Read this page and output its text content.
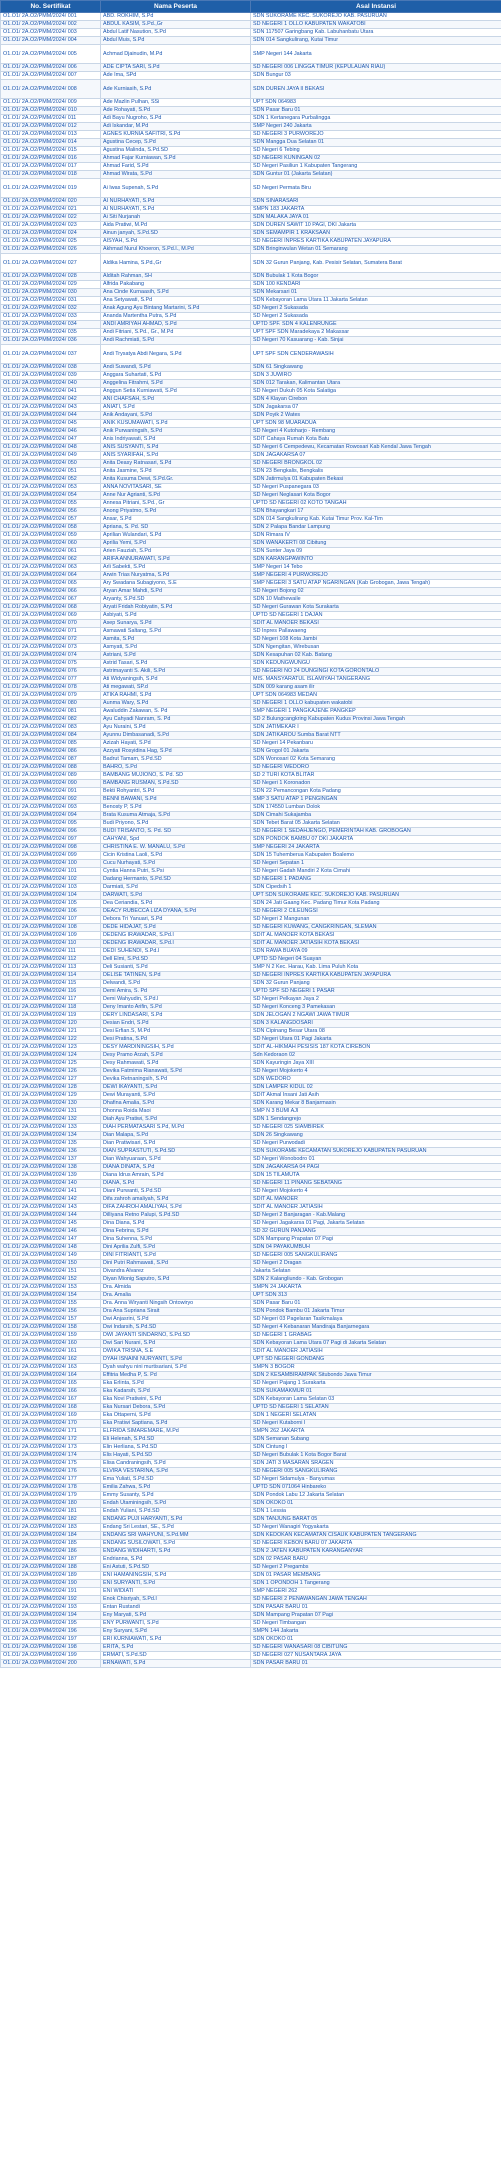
No. Sertifikat	Nama Peserta	Asal Instansi
O1.O1/ 2A.O2/PMM/2024/ 001	ABD. ROKHIM, S.Pd	SDN SUKORAME KEC. SUKOREJO KAB. PASURUAN
O1.O1/ 2A.O2/PMM/2024/ 002	ABDUL KASIM, S.Pd.,Gr	SD NEGERI 1 OLLO KABUPATEN WAKATOBI
O1.O1/ 2A.O2/PMM/2024/ 003	Abdul Latif Nasution, S.Pd	SDN 117507 Garingbang Kab. Labuhanbatu Utara
O1.O1/ 2A.O2/PMM/2024/ 004	Abdul Muis, S.Pd	SDN 014 Sangkulirang, Kutai Timur
O1.O1/ 2A.O2/PMM/2024/ 005	Achmad Djainudin, M.Pd	SMP Negeri 144 Jakarta
O1.O1/ 2A.O2/PMM/2024/ 006	ADE CIPTA SARI, S.Pd	SD NEGERI 006 LINGGA TIMUR (KEPULAUAN RIAU)
O1.O1/ 2A.O2/PMM/2024/ 007	Ade Ima, SPd	SDN Bungur 03
O1.O1/ 2A.O2/PMM/2024/ 008	Ade Kurniasih, S.Pd	SDN DUREN JAYA II BEKASI
O1.O1/ 2A.O2/PMM/2024/ 009	Ade Mazlin Pulhan, SSi	UPT SDN 064983
O1.O1/ 2A.O2/PMM/2024/ 010	Ade Rohayati, S.Pd	SDN Pasar Baru 01
O1.O1/ 2A.O2/PMM/2024/ 011	Adi Bayu Nugroho, S.Pd	SDN 1 Kertanegara Purbalingga
O1.O1/ 2A.O2/PMM/2024/ 012	Adi Iskandar, M.Pd	SMP Negeri 240 Jakarta
O1.O1/ 2A.O2/PMM/2024/ 013	AGNES KURNIA SAFITRI, S.Pd	SD NEGERI 3 PURWOREJO
O1.O1/ 2A.O2/PMM/2024/ 014	Agustina Cecep, S.Pd	SDN Mangga Dua Selatan 01
O1.O1/ 2A.O2/PMM/2024/ 015	Agustina Malinda, S.Pd.SD	SD Negeri 6 Tebing
O1.O1/ 2A.O2/PMM/2024/ 016	Ahmad Fajar Kurniawan, S.Pd	SD NEGERI KUNINGAN 02
O1.O1/ 2A.O2/PMM/2024/ 017	Ahmad Farid, S.Pd	SD Negeri Pasiliun 1 Kabupaten Tangerang
O1.O1/ 2A.O2/PMM/2024/ 018	Ahmad Wirata, S.Pd	SDN Guntur 01 (Jakarta Selatan)
O1.O1/ 2A.O2/PMM/2024/ 019	Ai Iwas Supenah, S.Pd	SD Negeri Permata Biru
O1.O1/ 2A.O2/PMM/2024/ 020	AI NURHAYATI, S.Pd	SDN SINARASARI
O1.O1/ 2A.O2/PMM/2024/ 021	AI NURHAYATI, S.Pd	SMPN 183 JAKARTA
O1.O1/ 2A.O2/PMM/2024/ 022	Ai Siti Nurjanah	SDN MALAKA JAYA 01
O1.O1/ 2A.O2/PMM/2024/ 023	Aida Pratiwi, M.Pd	SDN DUREN SAWIT 10 PAGI, DKI Jakarta
O1.O1/ 2A.O2/PMM/2024/ 024	Ainun janyah, S.Pd.SD	SDN SEMAMPIR 1 KRAKSAAN
O1.O1/ 2A.O2/PMM/2024/ 025	AISYAH, S.Pd	SD NEGERI INPRES KARTIKA KABUPATEN JAYAPURA
O1.O1/ 2A.O2/PMM/2024/ 026	Akhmad Nurul Khoeron, S.Pd.I., M.Pd	SDN Bringinwulan Wetan 01 Semarang
O1.O1/ 2A.O2/PMM/2024/ 027	Aldika Hamina, S.Pd.,Gr	SDN 32 Gurun Panjang, Kab. Pesisir Selatan, Sumatera Barat
O1.O1/ 2A.O2/PMM/2024/ 028	Alditah Rahman, SH	SDN Bubulak 1 Kota Bogor
O1.O1/ 2A.O2/PMM/2024/ 029	Alfrida Pakabang	SDN 100 KENDARI
O1.O1/ 2A.O2/PMM/2024/ 030	Ana Cinde Kurnaasih, S.Pd	SDN Mekarsari 01
O1.O1/ 2A.O2/PMM/2024/ 031	Ana Setyawati, S.Pd	SDN Kebayoran Lama Utara 11 Jakarta Selatan
O1.O1/ 2A.O2/PMM/2024/ 032	Anak Agung Ayu Bintang Martarini, S.Pd	SD Negeri 2 Sukasada
O1.O1/ 2A.O2/PMM/2024/ 033	Ananda Martentha Putra, S.Pd	SD Negeri 2 Sukasada
O1.O1/ 2A.O2/PMM/2024/ 034	ANDI AMRIYAH AHMAD, S.Pd	UPTD SPF. SDN 4 KALENRUNGE
O1.O1/ 2A.O2/PMM/2024/ 035	Andi Fitriani, S.Pd., Gr., M.Pd	UPT SPF SDN Maradekaya 2 Makassar
O1.O1/ 2A.O2/PMM/2024/ 036	Andi Rachmiati, S.Pd	SD Negeri 70 Kasuarang - Kab. Sinjai
O1.O1/ 2A.O2/PMM/2024/ 037	Andi Trysatya Abdi Negara, S.Pd	UPT SPF SDN CENDERAWASIH
O1.O1/ 2A.O2/PMM/2024/ 038	Andi Suwandi, S.Pd	SDN 61 Singkawang
O1.O1/ 2A.O2/PMM/2024/ 039	Anggara Suhartati, S.Pd	SDN 3 JUWIRO
O1.O1/ 2A.O2/PMM/2024/ 040	Anggelina Fitrahmi, S.Pd	SDN 012 Tarakan, Kalimantan Utara
O1.O1/ 2A.O2/PMM/2024/ 041	Anggun Setia Kurniawati, S.Pd	SD Negeri Dukuh 05 Kota Salatiga
O1.O1/ 2A.O2/PMM/2024/ 042	ANI CHAFSAH, S.Pd	SDN 4 Klayan Cirebon
O1.O1/ 2A.O2/PMM/2024/ 043	ANIATI, S.Pd	SDN Jagakarsa 07
O1.O1/ 2A.O2/PMM/2024/ 044	Anik Andayani, S.Pd	SDN Poyik 2 Wates
O1.O1/ 2A.O2/PMM/2024/ 045	ANIK KUSUMAWATI, S.Pd	UPT SDN 98 MUARADUA
O1.O1/ 2A.O2/PMM/2024/ 046	Anik Purwaningsih, S.Pd	SD Negeri 4 Kutoharjo - Rembang
O1.O1/ 2A.O2/PMM/2024/ 047	Anis Indriyawati, S.Pd	SDIT Cahaya Rumah Kota Batu
O1.O1/ 2A.O2/PMM/2024/ 048	ANIS SUSYANTI, S.Pd	SD Negeri 6 Cempedewu, Kecamatan Rowosari Kab Kendal Jawa Tengah
O1.O1/ 2A.O2/PMM/2024/ 049	ANIS SYARIFAH, S.Pd	SDN JAGAKARSA 07
O1.O1/ 2A.O2/PMM/2024/ 050	Anita Deasy Ratnasari, S.Pd	SD NEGERI BRONGKOL 02
O1.O1/ 2A.O2/PMM/2024/ 051	Anita Jasmine, S.Pd	SDN 23 Bengkalis, Bengkalis
O1.O1/ 2A.O2/PMM/2024/ 052	Anita Kusuma Dewi, S.Pd.Gr.	SDN Jatirmulya 01 Kabupaten Bekasi
O1.O1/ 2A.O2/PMM/2024/ 053	ANNA NOVITASARI, SE	SD Negeri Puspanegara 03
O1.O1/ 2A.O2/PMM/2024/ 054	Anne Nur Agrianti, S.Pd	SD Negeri Neglasari Kota Bogor
O1.O1/ 2A.O2/PMM/2024/ 055	Annesa Pitriani, S.Pd., Gr	UPTD SD NEGERI 02 KOTO TANGAH
O1.O1/ 2A.O2/PMM/2024/ 056	Anong Priyatmo, S.Pd	SDN Bhayangkari 17
O1.O1/ 2A.O2/PMM/2024/ 057	Ansar, S.Pd	SDN 014 Sangkulirang Kab. Kutai Timur Prov. Kal-Tim
O1.O1/ 2A.O2/PMM/2024/ 058	Apriana, S. Pd. SD	SDN 2 Palapa Bandar Lampung
O1.O1/ 2A.O2/PMM/2024/ 059	Aprilian Wulandari, S.Pd	SDN Rimara IV
O1.O1/ 2A.O2/PMM/2024/ 060	Aprilia Yemi, S.Pd	SDN WANAKERTI 08 Cibitung
O1.O1/ 2A.O2/PMM/2024/ 061	Arien Fauziah, S.Pd	SDN Sunter Jaya 09
O1.O1/ 2A.O2/PMM/2024/ 062	ARIFA ANNURAWATI, S.Pd	SDN KARANGPAWINTO
O1.O1/ 2A.O2/PMM/2024/ 063	Arli Sabekti, S.Pd	SMP Negeri 14 Tebo
O1.O1/ 2A.O2/PMM/2024/ 064	Arwin Trias Nuryatma, S.Pd	SMP NEGERI 4 PURWOREJO
O1.O1/ 2A.O2/PMM/2024/ 065	Ary Swadana Subagiyono, S.E	SMP NEGERI 3 SATU ATAP NGARINGAN (Kab Grobogan, Jawa Tengah)
O1.O1/ 2A.O2/PMM/2024/ 066	Aryan Amar Mahdi, S.Pd	SD Negeri Bojong 02
O1.O1/ 2A.O2/PMM/2024/ 067	Aryanty, S.Pd.SD	SDN 10 Mathewaile
O1.O1/ 2A.O2/PMM/2024/ 068	Aryati Fridah Robiyatin, S.Pd	SD Negeri Gurawan Kota Surakarta
O1.O1/ 2A.O2/PMM/2024/ 069	Asbiyati, S.Pd	UPTD SD NEGERI 1 DAJAN
O1.O1/ 2A.O2/PMM/2024/ 070	Asep Sunarya, S.Pd	SDIT AL MANOER BEKASI
O1.O1/ 2A.O2/PMM/2024/ 071	Asmawati Saltang, S.Pd	SD Inpres Pallawaeng
O1.O1/ 2A.O2/PMM/2024/ 072	Asmita, S.Pd	SD Negeri 108 Kota Jambi
O1.O1/ 2A.O2/PMM/2024/ 073	Asmyati, S.Pd	SDN Ngengitan, Wirebusan
O1.O1/ 2A.O2/PMM/2024/ 074	Astriani, S.Pd	SDN Kesapuhan 02 Kab. Batang
O1.O1/ 2A.O2/PMM/2024/ 075	Astrid Tasari, S.Pd	SDN KEDUNGWUNGU
O1.O1/ 2A.O2/PMM/2024/ 076	Astrimayanti S. Akili, S.Pd	SD NEGERI NO 24 DUNGINGI KOTA GORONTALO
O1.O1/ 2A.O2/PMM/2024/ 077	Ati Widyaningsih, S.Pd	MIS. MANSYARATUL ISLAMIYAH TANGERANG
O1.O1/ 2A.O2/PMM/2024/ 078	Ati megawati, SP.d	SDN 009 karang asam ilir
O1.O1/ 2A.O2/PMM/2024/ 079	ATIKA RAHMI, S.Pd	UPT SDN 064983 MEDAN
O1.O1/ 2A.O2/PMM/2024/ 080	Aunma Wary, S.Pd	SD NEGERI 1 OLLO kabupaten wakatobi
O1.O1/ 2A.O2/PMM/2024/ 081	Awaluddin Zakawan, S. Pd	SMP NEGERI 1 PANGKAJENE PANGKEP
O1.O1/ 2A.O2/PMM/2024/ 082	Ayu Cahyadi Nanram, S. Pd	SD 2 Bulungcangkring Kabupaten Kudus Provinsi Jawa Tengah
O1.O1/ 2A.O2/PMM/2024/ 083	Ayu Nuraini, S.Pd	SDN JATIMEKAR I
O1.O1/ 2A.O2/PMM/2024/ 084	Ayunnu Dimbasanadi, S.Pd	SDN JATIKAROU Sumba Barat NTT
O1.O1/ 2A.O2/PMM/2024/ 085	Azizah Hayati, S.Pd	SD Negeri 14 Pekanbaru
O1.O1/ 2A.O2/PMM/2024/ 086	Azzyati Rosyidina Hag, S.Pd	SDN Grogol 01 Jakarta
O1.O1/ 2A.O2/PMM/2024/ 087	Badrut Tamam, S.Pd.SD	SDN Wonosari 02 Kota Semarang
O1.O1/ 2A.O2/PMM/2024/ 088	BAHRO, S.Pd	SD NEGERI WEDORO
O1.O1/ 2A.O2/PMM/2024/ 089	BAMBANG MUJIONO, S. Pd. SD	SD 2 TURI KOTA BLITAR
O1.O1/ 2A.O2/PMM/2024/ 090	BAMBANG RUSMAN, S.Pd.SD	SD Negeri 1 Koronadon
O1.O1/ 2A.O2/PMM/2024/ 091	Bekti Rohyantri, S.Pd	SDN 22 Pemancongan Kota Padang
O1.O1/ 2A.O2/PMM/2024/ 092	BENNI BAWANI, S.Pd	SMP 3 SATU ATAP 1 PENGINGAN
O1.O1/ 2A.O2/PMM/2024/ 093	Benosty P, S.Pd	SDN 174550 Lumban Dolok
O1.O1/ 2A.O2/PMM/2024/ 094	Brata Kusuma Atmaja, S.Pd	SDN Cimahi Sukajamba
O1.O1/ 2A.O2/PMM/2024/ 095	Budi Priyono, S.Pd	SDN Tebet Barat 05 Jakarta Selatan
O1.O1/ 2A.O2/PMM/2024/ 096	BUDI TRISANTO, S. Pd. SD	SD NEGERI 1 SEDAHJENGO, PEMERINTAH KAB. GROBOGAN
O1.O1/ 2A.O2/PMM/2024/ 097	CAHYANI, Spd	SDN PONDOK BAMBU 07 DKI JAKARTA
O1.O1/ 2A.O2/PMM/2024/ 098	CHRISTINA E. W. MANALU, S.Pd	SMP NEGERI 24 JAKARTA
O1.O1/ 2A.O2/PMM/2024/ 099	Cicin Kristina Laoli, S.Pd	SDN 15 Tuhemberua Kabupaten Boalemo
O1.O1/ 2A.O2/PMM/2024/ 100	Cucu Nurhayati, S.Pd	SD Negeri Sepatan 1
O1.O1/ 2A.O2/PMM/2024/ 101	Cyntia Hanna Putri, S.Psi	SD Negeri Gadah Mandiri 2 Kota Cimahi
O1.O1/ 2A.O2/PMM/2024/ 102	Dadang Hermanto, S.Pd.SD	SD NEGERI 1 PADANG
O1.O1/ 2A.O2/PMM/2024/ 103	Darmiati, S.Pd	SDN Cipedsih 1
O1.O1/ 2A.O2/PMM/2024/ 104	DARWATI, S.Pd	UPT SDN SUKORAME KEC. SUKOREJO KAB. PASURUAN
O1.O1/ 2A.O2/PMM/2024/ 105	Dea Ceriandia, S.Pd	SDN 24 Jati Gaang Kec. Padang Timur Kota Padang
O1.O1/ 2A.O2/PMM/2024/ 106	DEACY RUBECCA LIZA DYANA, S.Pd	SD NEGERI 2 CILEUNGSI
O1.O1/ 2A.O2/PMM/2024/ 107	Debora Tri Yanuari, S.Pd	SD Negeri 2 Mangunan
O1.O1/ 2A.O2/PMM/2024/ 108	DEDE HIDAJAT, S.Pd	SD NEGERI KUWANG, CANGKRINGAN, SLEMAN
O1.O1/ 2A.O2/PMM/2024/ 109	DEDENG IRAWADAR, S.Pd.I	SDIT AL MANOER KOTA BEKASI
O1.O1/ 2A.O2/PMM/2024/ 110	DEDENG IRAWADAR, S.Pd.I	SDIT AL MANOER JATIASIH KOTA BEKASI
O1.O1/ 2A.O2/PMM/2024/ 111	DEDI SUHENDI, S.Pd.I	SDN RAWA BUAYA 09
O1.O1/ 2A.O2/PMM/2024/ 112	Dell Elmi, S.Pd.SD	UPTD SD Negeri 04 Suayan
O1.O1/ 2A.O2/PMM/2024/ 113	Deli Susianti, S.Pd	SMP N 2 Kec. Harau, Kab. Lima Puluh Kota
O1.O1/ 2A.O2/PMM/2024/ 114	DELISE TATINEN, S.Pd	SD NEGERI INPRES KARTIKA KABUPATEN JAYAPURA
O1.O1/ 2A.O2/PMM/2024/ 115	Delwandi, S.Pd	SDN 32 Gurun Panjang
O1.O1/ 2A.O2/PMM/2024/ 116	Demi Amira, S. Pd	UPTD SPF SD NEGERI 1 PASAR
O1.O1/ 2A.O2/PMM/2024/ 117	Demi Wahyudin, S.Pd.I	SD Negeri Pelkayan Jaya 2
O1.O1/ 2A.O2/PMM/2024/ 118	Deny Imanto Arifin, S.Pd	SD Negeri Konceng 3 Pamekasan
O1.O1/ 2A.O2/PMM/2024/ 119	DERY LINDASARI, S.Pd	SDN JELOGAN 2 NGAWI JAWA TIMUR
O1.O1/ 2A.O2/PMM/2024/ 120	Desian Endri, S.Pd	SDN 3 KALANGDOSARI
O1.O1/ 2A.O2/PMM/2024/ 121	Desi Erfian.S, M.Pd	SDN Cipinang Besar Utara 08
O1.O1/ 2A.O2/PMM/2024/ 122	Desi Pratina, S.Pd	SD Negeri Utara 01 Pagi Jakarta
O1.O1/ 2A.O2/PMM/2024/ 123	DESY MARDININGSIH, S.Pd	SDIT AL-HIKMAH PESISIS 187 KOTA CIREBON
O1.O1/ 2A.O2/PMM/2024/ 124	Desy Pramo Arzah, S.Pd	Sdn Kedoraon 02
O1.O1/ 2A.O2/PMM/2024/ 125	Desy Rahmawati, S.Pd	SDN Kayuringin Jaya XIII
O1.O1/ 2A.O2/PMM/2024/ 126	Devika Fatmima Rianawati, S.Pd	SD Negeri Mojokerto 4
O1.O1/ 2A.O2/PMM/2024/ 127	Devika Retnaningsih, S.Pd	SDN WEDORO
O1.O1/ 2A.O2/PMM/2024/ 128	DEWI IKAYANTI, S.Pd	SDN LAMPER KIDUL 02
O1.O1/ 2A.O2/PMM/2024/ 129	Dewi Murayanti, S.Pd	SDIT Akmal Insani Jati Asih
O1.O1/ 2A.O2/PMM/2024/ 130	Dhafina Amalia, S.Pd	SDN Karang Mekar 8 Banjarmasin
O1.O1/ 2A.O2/PMM/2024/ 131	Dhonna Roida Maoi	SMP N 3 BUMI AJI
O1.O1/ 2A.O2/PMM/2024/ 132	Diah Ayu Pratiwi, S.Pd	SDN 1 Sendangrejo
O1.O1/ 2A.O2/PMM/2024/ 133	DIAH PERMATASARI S.Pd, M.Pd	SD NEGERI 025 SIAMBIREK
O1.O1/ 2A.O2/PMM/2024/ 134	Dian Malapa, S.Pd	SDN 26 Singkawang
O1.O1/ 2A.O2/PMM/2024/ 135	Dian Pratiwisari, S.Pd	SD Negeri Purwodadi
O1.O1/ 2A.O2/PMM/2024/ 136	DIAN SUPRASTUTI, S.Pd.SD	SDN SUKORAME KECAMATAN SUKOREJO KABUPATEN PASURUAN
O1.O1/ 2A.O2/PMM/2024/ 137	Dian Wahyuaraan, S.Pd	SD Negeri Wonobodro 01
O1.O1/ 2A.O2/PMM/2024/ 138	DIANA DINATA, S.Pd	SDN JAGAKARSA 04 PAGI
O1.O1/ 2A.O2/PMM/2024/ 139	Diana Idrus Amrain, S.Pd	SDN 15 TILAMUTA
O1.O1/ 2A.O2/PMM/2024/ 140	DIANA, S.Pd	SD NEGERI 11 PINANG SEBATANG
O1.O1/ 2A.O2/PMM/2024/ 141	Diani Purwanti, S.Pd.SD	SD Negeri Mojokerto 4
O1.O1/ 2A.O2/PMM/2024/ 142	Difa zahroh amaliyah, S.Pd	SDIT AL MANOER
O1.O1/ 2A.O2/PMM/2024/ 143	DIFA ZAHROH AMALIYAH, S.Pd	SDIT AL MANOER JATIASIH
O1.O1/ 2A.O2/PMM/2024/ 144	Dilliyana Retno Palupi, S.Pd.SD	SD Negeri 2 Banjaragan - Kab.Malang
O1.O1/ 2A.O2/PMM/2024/ 145	Dina Diana, S.Pd	SD Negeri Jagakarsa 01 Pagi, Jakarta Selatan
O1.O1/ 2A.O2/PMM/2024/ 146	Dina Febrina, S.Pd	SD 32 GURUN PANJANG
O1.O1/ 2A.O2/PMM/2024/ 147	Dina Suhenna, S.Pd	SDN Mampang Prapatan 07 Pagi
O1.O1/ 2A.O2/PMM/2024/ 148	Dini Aprilia Zulfi, S.Pd	SDN 04 PAYAKUMBUH
O1.O1/ 2A.O2/PMM/2024/ 149	DINI FITRIANTI, S.Pd	SD NEGERI 005 SANGKULIRANG
O1.O1/ 2A.O2/PMM/2024/ 150	Dini Putri Rahmawati, S.Pd	SD Negeri 2 Dragan
O1.O1/ 2A.O2/PMM/2024/ 151	Divandra Alvarez	Jakarta Selatan
O1.O1/ 2A.O2/PMM/2024/ 152	Diyan Mionig Saputro, S.Pd	SDN 2 Kalangliundo - Kab. Grobogan
O1.O1/ 2A.O2/PMM/2024/ 153	Dra. Almida	SMPN 24 JAKARTA
O1.O1/ 2A.O2/PMM/2024/ 154	Dra. Amalia	UPT SDN 313
O1.O1/ 2A.O2/PMM/2024/ 155	Dra. Anna Wiryanti Ningsih Ontowiryo	SDN Pasar Baru 01
O1.O1/ 2A.O2/PMM/2024/ 156	Dra Ana Supriana Sirait	SDN Pondok Bambu 01 Jakarta Timur
O1.O1/ 2A.O2/PMM/2024/ 157	Dwi Anjasrini, S.Pd	SD Negeri 03 Pagelaran Tasikmalaya
O1.O1/ 2A.O2/PMM/2024/ 158	Dwi Indarsih, S.Pd.SD	SD Negeri 4 Kebanaran Mandiraja Banjarnegara
O1.O1/ 2A.O2/PMM/2024/ 159	DWI JAYANTI SINDARNO, S.Pd.SD	SD NEGERI 1 GRABAG
O1.O1/ 2A.O2/PMM/2024/ 160	Dwi Sari Nurani, S.Pd	SDN Kebayoran Lama Utara 07 Pagi di Jakarta Selatan
O1.O1/ 2A.O2/PMM/2024/ 161	DWIKA TRISNA, S.E	SDIT AL MANOER JATIASIH
O1.O1/ 2A.O2/PMM/2024/ 162	DYAH ISNAINI NURYANTI, S.Pd	UPT SD NEGERI GONDANG
O1.O1/ 2A.O2/PMM/2024/ 163	Dyah wahyu nini murtisariani, S.Pd	SMPN 3 BOGOR
O1.O1/ 2A.O2/PMM/2024/ 164	Effitria Medha P, S. Pd	SDN 2 KESAMBIRAMPAK Situbondo Jawa Timur
O1.O1/ 2A.O2/PMM/2024/ 165	Eka Erlinta, S.Pd	SD Negeri Pajang 1 Surakarta
O1.O1/ 2A.O2/PMM/2024/ 166	Eka Kadarsih, S.Pd	SDN SUKAMAKMUR 01
O1.O1/ 2A.O2/PMM/2024/ 167	Eka Novi Pratiwini, S.Pd	SDN Kebayoran Lama Selatan 03
O1.O1/ 2A.O2/PMM/2024/ 168	Eka Nursari Debora, S.Pd	UPTD SD NEGERI 1 SELATAN
O1.O1/ 2A.O2/PMM/2024/ 169	Eka Ottaperni, S.Pd	SDN 1 NEGERI SELATAN
O1.O1/ 2A.O2/PMM/2024/ 170	Eka Pratiwi Saptiana, S.Pd	SD Negeri Kutaborni I
O1.O1/ 2A.O2/PMM/2024/ 171	ELFRIDA SIMAREMARE, M.Pd	SMPN 262 JAKARTA
O1.O1/ 2A.O2/PMM/2024/ 172	Eli Helenah, S.Pd.SD	SDN Semanan Subang
O1.O1/ 2A.O2/PMM/2024/ 173	Elin Herliana, S.Pd.SD	SDN Cintung I
O1.O1/ 2A.O2/PMM/2024/ 174	Elis Hayati, S.Pd.SD	SD Negeri Bubulak 1 Kota Bogor Barat
O1.O1/ 2A.O2/PMM/2024/ 175	Elisa Candraningsih, S.Pd	SDN JATI 3 MASARAN SRAGEN
O1.O1/ 2A.O2/PMM/2024/ 176	ELVIRA VESTARINA, S.Pd	SD NEGERI 005 SANGKULIRANG
O1.O1/ 2A.O2/PMM/2024/ 177	Ema Yuliati, S.Pd.SD	SD Negeri Sidamulya - Banyumas
O1.O1/ 2A.O2/PMM/2024/ 178	Emilia Zahwa, S.Pd	UPTD SDN 071064 Hinbareko
O1.O1/ 2A.O2/PMM/2024/ 179	Emmy Susanty, S.Pd	SDN Pondok Labu 12 Jakarta Selatan
O1.O1/ 2A.O2/PMM/2024/ 180	Endah Utaminingsih, S.Pd	SDN OKOKO 01
O1.O1/ 2A.O2/PMM/2024/ 181	Endah Yuliani, S.Pd.SD	SDN 1 Lessia
O1.O1/ 2A.O2/PMM/2024/ 182	ENDANG PUJI HARYANTI, S.Pd	SDN TANJUNG BARAT 05
O1.O1/ 2A.O2/PMM/2024/ 183	Endang Sri Lestari, SE., S.Pd	SD Negeri Wanagiri Yogyakarta
O1.O1/ 2A.O2/PMM/2024/ 184	ENDANG SRI WAHYUNI, S.Pd.MM	SDN KEDOKAN KECAMATAN CISAUK KABUPATEN TANGERANG
O1.O1/ 2A.O2/PMM/2024/ 185	ENDANG SUSILOWATI, S.Pd	SD NEGERI KEBON BARU 07 JAKARTA
O1.O1/ 2A.O2/PMM/2024/ 186	ENDANG WIDIHARTI, S.Pd	SDN 2 JATEN KABUPATEN KARANGANYAR
O1.O1/ 2A.O2/PMM/2024/ 187	Endrianna, S.Pd	SDN 02 PASAR BARU
O1.O1/ 2A.O2/PMM/2024/ 188	Eni Astuti, S.Pd.SD	SD Negeri 2 Pregambs
O1.O1/ 2A.O2/PMM/2024/ 189	ENI HAMANINGSIH, S.Pd	SDN 01 PASAR MEMBANG
O1.O1/ 2A.O2/PMM/2024/ 190	ENI SURYANTI, S.Pd	SDN 1 OPONDOH 1 Tangerang
O1.O1/ 2A.O2/PMM/2024/ 191	ENI WIDIATI	SMP NEGERI 262
O1.O1/ 2A.O2/PMM/2024/ 192	Enok Chisriyah, S.Pd.I	SD NEGERI 2 PENAWANGAN JAWA TENGAH
O1.O1/ 2A.O2/PMM/2024/ 193	Entan Rustandi	SDN PASAR BARU 01
O1.O1/ 2A.O2/PMM/2024/ 194	Eny Maryati, S.Pd	SDN Mampang Prapatan 07 Pagi
O1.O1/ 2A.O2/PMM/2024/ 195	ENY PURWANTI, S.Pd	SD Negeri Timbangan
O1.O1/ 2A.O2/PMM/2024/ 196	Eny Suryani, S.Pd	SMPN 144 Jakarta
O1.O1/ 2A.O2/PMM/2024/ 197	ERI KURNIAWATI, S.Pd	SDN OKOKO 01
O1.O1/ 2A.O2/PMM/2024/ 198	ERITA, S.Pd	SD NEGERI WANASARI 08 CIBITUNG
O1.O1/ 2A.O2/PMM/2024/ 199	ERMATI, S.Pd.SD	SD NEGERI 027 NUSANTARA JAYA
O1.O1/ 2A.O2/PMM/2024/ 200	ERNAWATI, S.Pd	SDN PASAR BARU 01
